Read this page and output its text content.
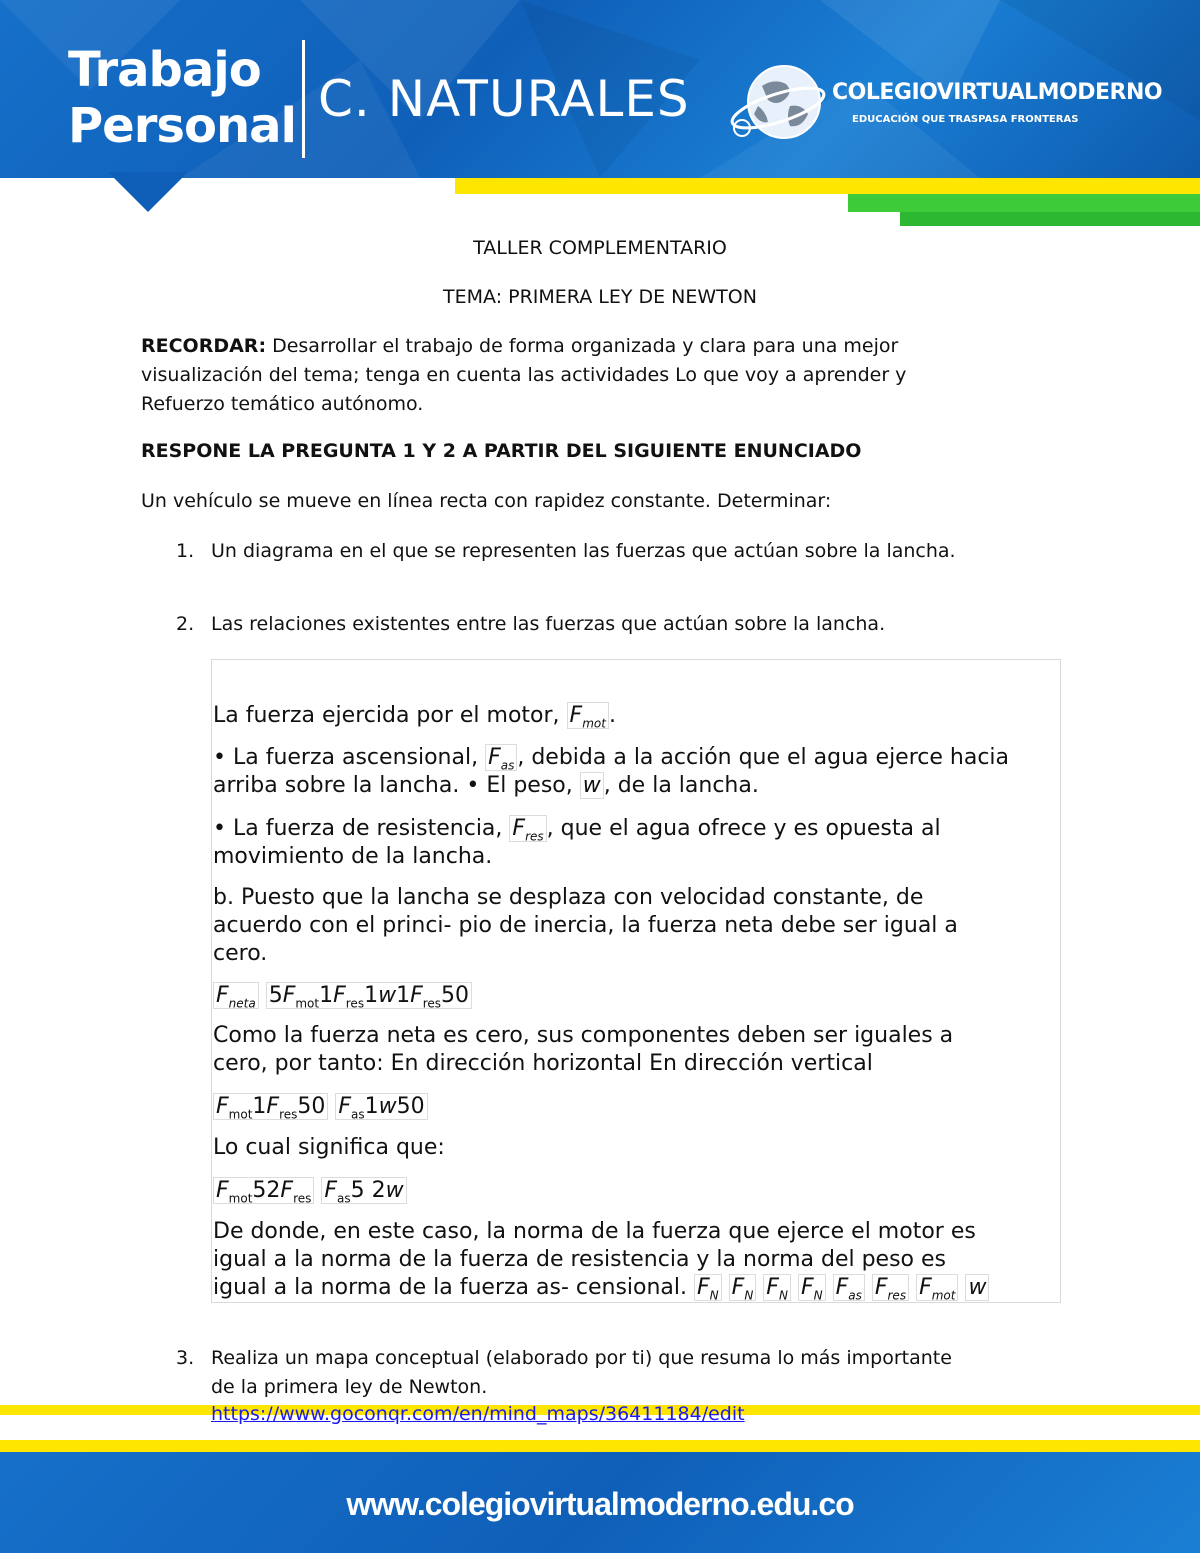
Trabajo
Personal C. NATURALES	COLEGIOVIRTUALMODERNO
EDUCACIÓN QUE TRASPASA FRONTERAS

TALLER COMPLEMENTARIO

TEMA: PRIMERA LEY DE NEWTON

RECORDAR: Desarrollar el trabajo de forma organizada y clara para una mejor
visualización del tema; tenga en cuenta las actividades Lo que voy a aprender y
Refuerzo temático autónomo.
RESPONE LA PREGUNTA 1 Y 2 A PARTIR DEL SIGUIENTE ENUNCIADO
Un vehículo se mueve en línea recta con rapidez constante. Determinar:
1. Un diagrama en el que se representen las fuerzas que actúan sobre la lancha.
2. Las relaciones existentes entre las fuerzas que actúan sobre la lancha.
La fuerza ejercida por el motor, $F_{mot}$ .
• La fuerza ascensional, $F_{as}$ , debida a la acción que el agua ejerce hacia
arriba sobre la lancha. • El peso, w , de la lancha.
• La fuerza de resistencia, $F_{res}$ , que el agua ofrece y es opuesta al
movimiento de la lancha.
b. Puesto que la lancha se desplaza con velocidad constante, de
acuerdo con el princi- pio de inercia, la fuerza neta debe ser igual a
cero.
$F_{neta}$ $5F_{mot}1F_{res}1w1F_{res}50$
Como la fuerza neta es cero, sus componentes deben ser iguales a
cero, por tanto: En dirección horizontal En dirección vertical
$F_{mot}1F_{res}50$ $F_{as}1w50$
Lo cual significa que:
$F_{mot}52F_{res}$ $F_{as}5$ 2w
De donde, en este caso, la norma de la fuerza que ejerce el motor es
igual a la norma de la fuerza de resistencia y la norma del peso es
igual a la norma de la fuerza as- censional. $F_N$ $F_N$ $F_N$ $F_N$ $F_{as}$ $F_{res}$ $F_{mot}$ w
3. Realiza un mapa conceptual (elaborado por ti) que resuma lo más importante
de la primera ley de Newton.
https://www.goconqr.com/en/mind_maps/36411184/edit
www.colegiovirtualmoderno.edu.co
